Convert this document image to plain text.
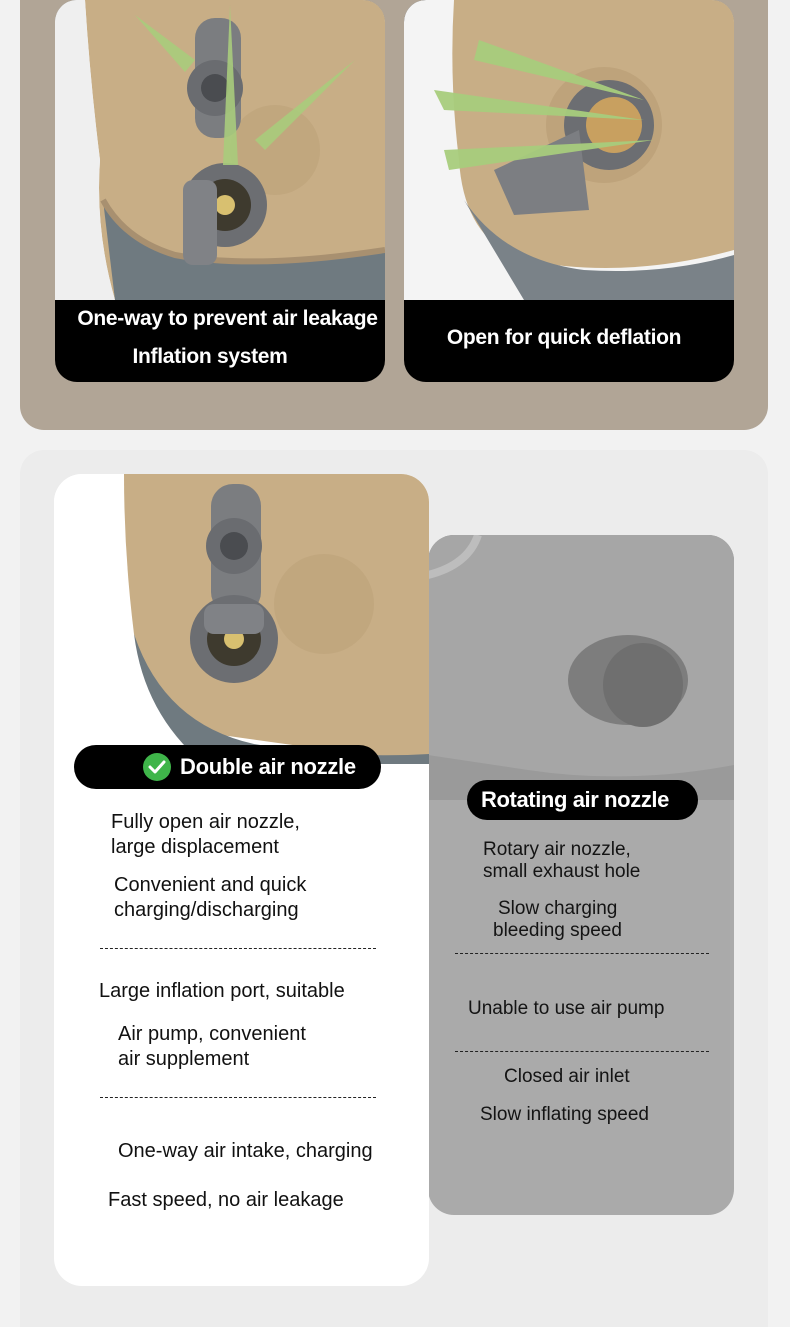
One-way to prevent air leakage
Inflation system
Open for quick deflation
Rotating air nozzle
Rotary air nozzle,
small exhaust hole
Slow charging
bleeding speed
Unable to use air pump
Closed air inlet
Slow inflating speed
Double air nozzle
Fully open air nozzle,
large displacement
Convenient and quick
charging/discharging
Large inflation port, suitable
Air pump, convenient
air supplement
One-way air intake, charging
Fast speed, no air leakage
